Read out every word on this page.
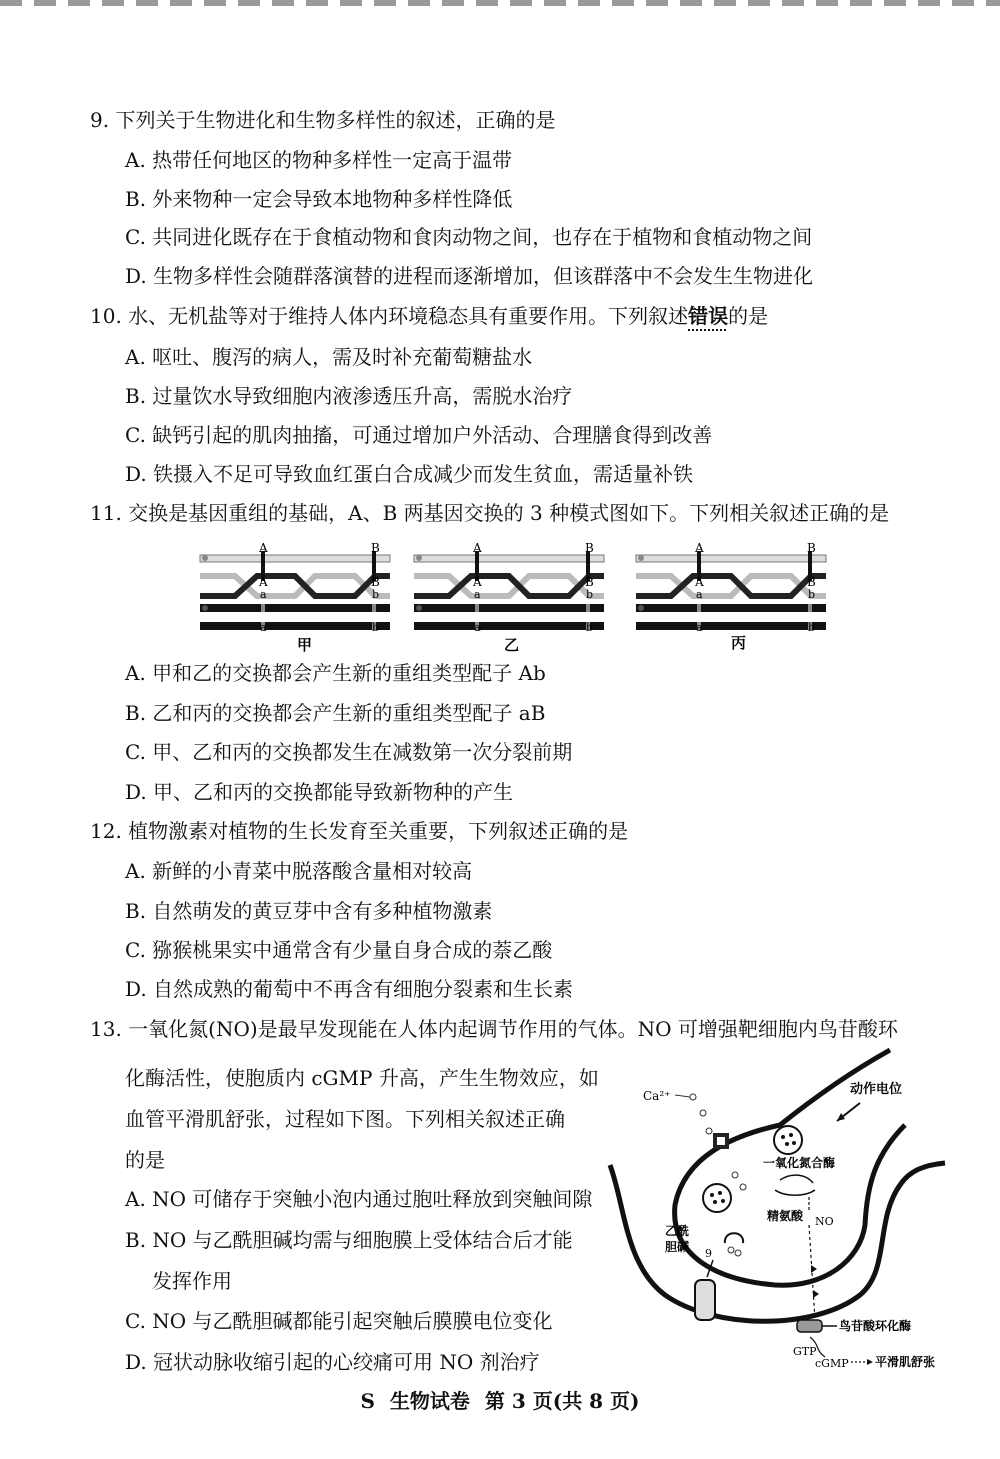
9. 下列关于生物进化和生物多样性的叙述，正确的是
A. 热带任何地区的物种多样性一定高于温带
B. 外来物种一定会导致本地物种多样性降低
C. 共同进化既存在于食植动物和食肉动物之间，也存在于植物和食植动物之间
D. 生物多样性会随群落演替的进程而逐渐增加，但该群落中不会发生生物进化
10. 水、无机盐等对于维持人体内环境稳态具有重要作用。下列叙述错误的是
A. 呕吐、腹泻的病人，需及时补充葡萄糖盐水
B. 过量饮水导致细胞内液渗透压升高，需脱水治疗
C. 缺钙引起的肌肉抽搐，可通过增加户外活动、合理膳食得到改善
D. 铁摄入不足可导致血红蛋白合成减少而发生贫血，需适量补铁
11. 交换是基因重组的基础，A、B 两基因交换的 3 种模式图如下。下列相关叙述正确的是
A	B
A	B
a	b
a	b
甲
A	B
A	B
a	b
a	b
乙
A	B
A	B
a	b
a	b
丙
A. 甲和乙的交换都会产生新的重组类型配子 Ab
B. 乙和丙的交换都会产生新的重组类型配子 aB
C. 甲、乙和丙的交换都发生在减数第一次分裂前期
D. 甲、乙和丙的交换都能导致新物种的产生
12. 植物激素对植物的生长发育至关重要，下列叙述正确的是
A. 新鲜的小青菜中脱落酸含量相对较高
B. 自然萌发的黄豆芽中含有多种植物激素
C. 猕猴桃果实中通常含有少量自身合成的萘乙酸
D. 自然成熟的葡萄中不再含有细胞分裂素和生长素
13. 一氧化氮(NO)是最早发现能在人体内起调节作用的气体。NO 可增强靶细胞内鸟苷酸环
化酶活性，使胞质内 cGMP 升高，产生生物效应，如
血管平滑肌舒张，过程如下图。下列相关叙述正确
的是
A. NO 可储存于突触小泡内通过胞吐释放到突触间隙
B. NO 与乙酰胆碱均需与细胞膜上受体结合后才能
发挥作用
C. NO 与乙酰胆碱都能引起突触后膜膜电位变化
D. 冠状动脉收缩引起的心绞痛可用 NO 剂治疗
Ca²⁺	动作电位
一氧化氮合酶
精氨酸 NO
乙酰
胆碱 9
鸟苷酸环化酶
GTP
cGMP 平滑肌舒张
S 生物试卷 第 3 页(共 8 页)
